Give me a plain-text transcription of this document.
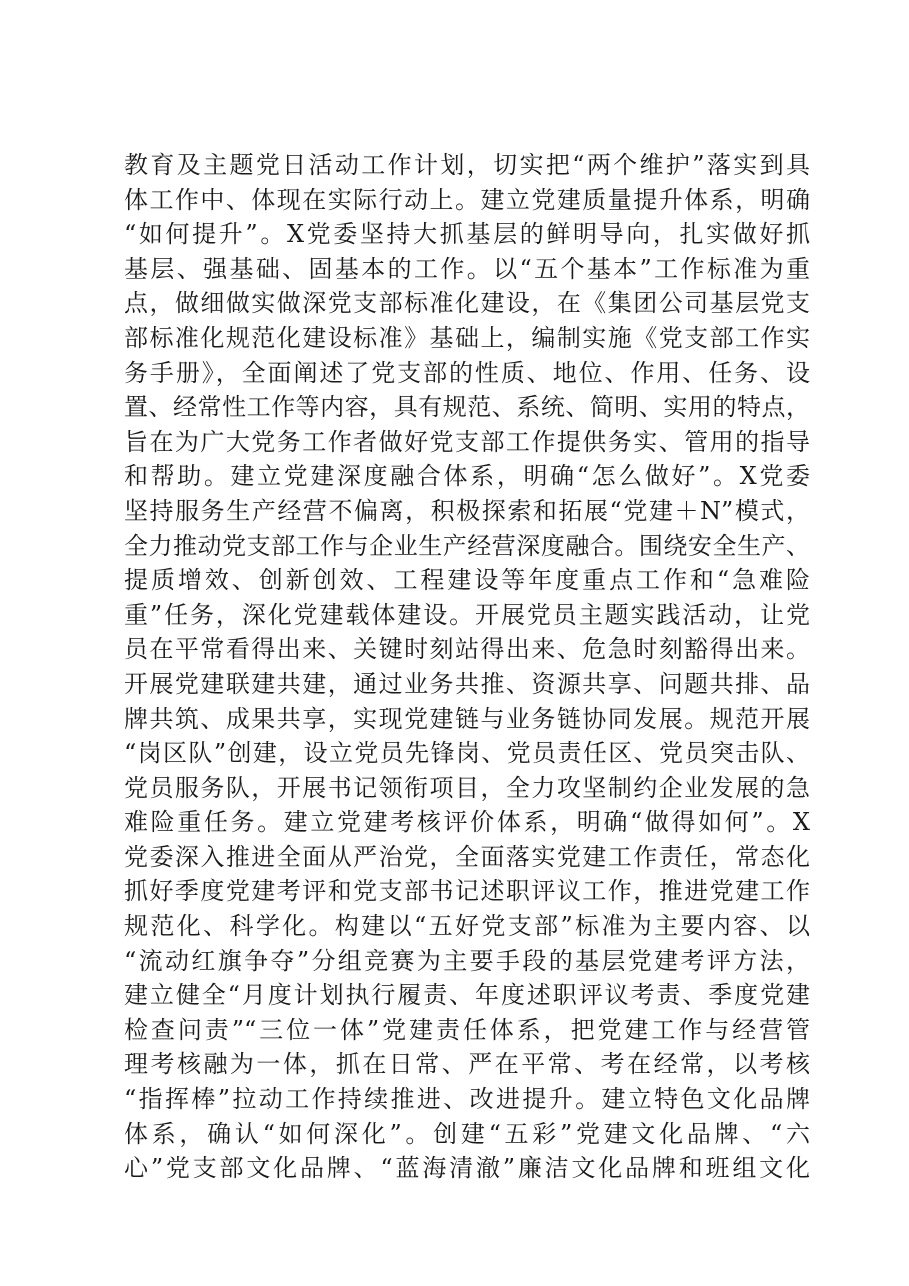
教育及主题党日活动工作计划，切实把“两个维护”落实到具
体工作中、体现在实际行动上。建立党建质量提升体系，明确
“如何提升”。X党委坚持大抓基层的鲜明导向，扎实做好抓
基层、强基础、固基本的工作。以“五个基本”工作标准为重
点，做细做实做深党支部标准化建设，在《集团公司基层党支
部标准化规范化建设标准》基础上，编制实施《党支部工作实
务手册》，全面阐述了党支部的性质、地位、作用、任务、设
置、经常性工作等内容，具有规范、系统、简明、实用的特点，
旨在为广大党务工作者做好党支部工作提供务实、管用的指导
和帮助。建立党建深度融合体系，明确“怎么做好”。X党委
坚持服务生产经营不偏离，积极探索和拓展“党建＋N”模式，
全力推动党支部工作与企业生产经营深度融合。围绕安全生产、
提质增效、创新创效、工程建设等年度重点工作和“急难险
重”任务，深化党建载体建设。开展党员主题实践活动，让党
员在平常看得出来、关键时刻站得出来、危急时刻豁得出来。
开展党建联建共建，通过业务共推、资源共享、问题共排、品
牌共筑、成果共享，实现党建链与业务链协同发展。规范开展
“岗区队”创建，设立党员先锋岗、党员责任区、党员突击队、
党员服务队，开展书记领衔项目，全力攻坚制约企业发展的急
难险重任务。建立党建考核评价体系，明确“做得如何”。X
党委深入推进全面从严治党，全面落实党建工作责任，常态化
抓好季度党建考评和党支部书记述职评议工作，推进党建工作
规范化、科学化。构建以“五好党支部”标准为主要内容、以
“流动红旗争夺”分组竞赛为主要手段的基层党建考评方法，
建立健全“月度计划执行履责、年度述职评议考责、季度党建
检查问责”“三位一体”党建责任体系，把党建工作与经营管
理考核融为一体，抓在日常、严在平常、考在经常，以考核
“指挥棒”拉动工作持续推进、改进提升。建立特色文化品牌
体系，确认“如何深化”。创建“五彩”党建文化品牌、“六
心”党支部文化品牌、“蓝海清澈”廉洁文化品牌和班组文化
